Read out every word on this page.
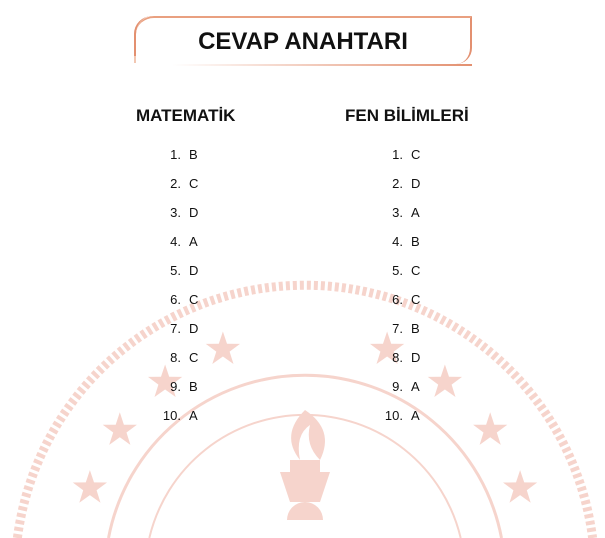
CEVAP ANAHTARI
MATEMATİK	FEN BİLİMLERİ
1. B
2. C
3. D
4. A
5. D
6. C
7. D
8. C
9. B
10. A
1. C
2. D
3. A
4. B
5. C
6. C
7. B
8. D
9. A
10. A
